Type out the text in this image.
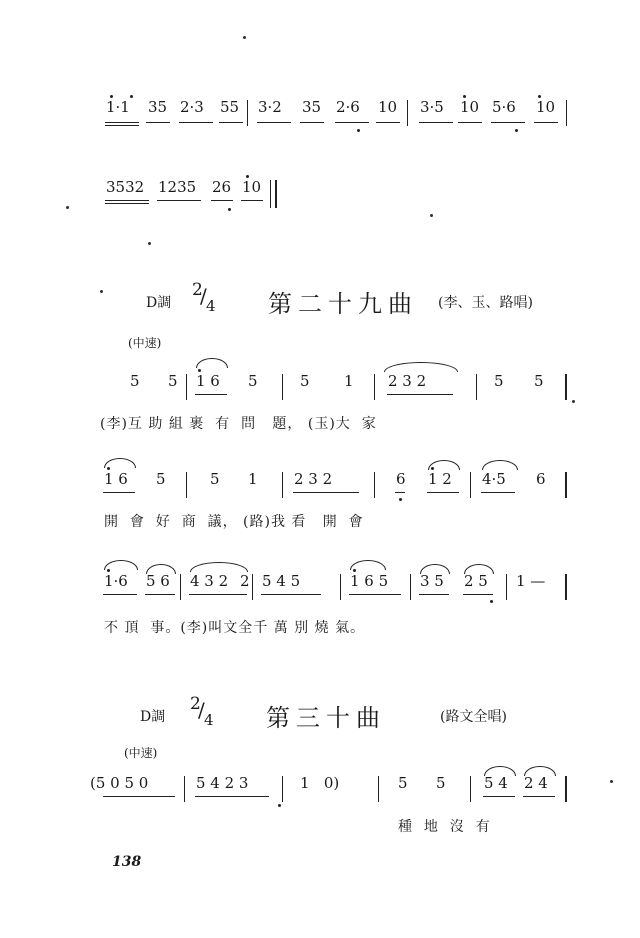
1·1 35 2·3 55 3·2 35 2·6 10 3·5 10 5·6 10
3532 1235 26 10
D調
2
/ 4 第二十九曲 (李、玉、路唱)
(中速)
5 5 1 6 5	5 1 2 3 2	5 5
(李)互 助 組 裹  有  問   題， (玉)大  家
1 6 5	5 1 2 3 2	6 1 2 4·5 6
開  會  好  商  議， (路)我 看   開  會
1·6 5 6 4 3 2 2 5 4 5	1 6 5 3 5 2 5 1 —
不 頂  事。(李)叫文全千 萬 別 燒 氣。
D調
2
/ 4 第三十曲	(路文全唱)
(中速)
(5 0 5 0	5 4 2 3	1   0)	5 5	5 4 2 4
種  地  沒  有
138
